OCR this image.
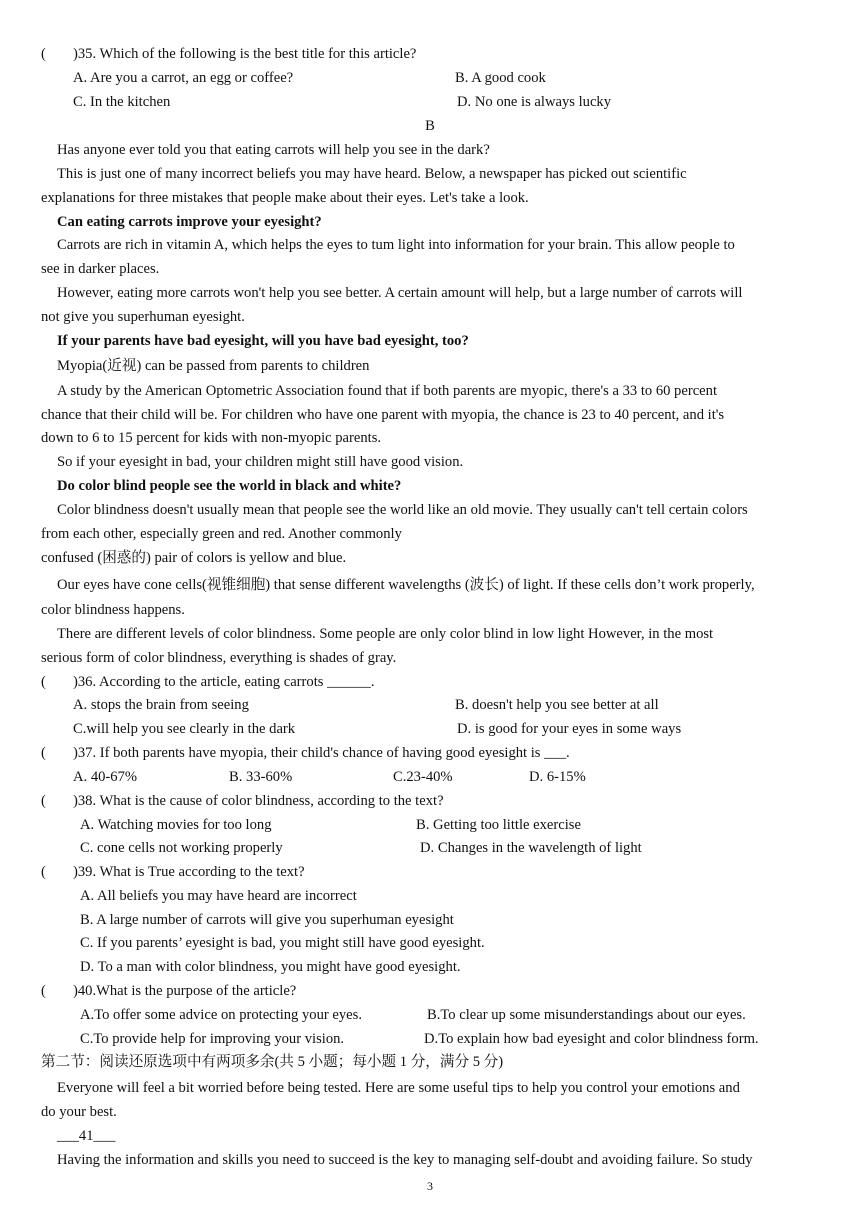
( )35. Which of the following is the best title for this article?
A. Are you a carrot, an egg or coffee?	B. A good cook
C. In the kitchen	D. No one is always lucky
B
Has anyone ever told you that eating carrots will help you see in the dark?
This is just one of many incorrect beliefs you may have heard. Below, a newspaper has picked out scientific
explanations for three mistakes that people make about their eyes. Let's take a look.
Can eating carrots improve your eyesight?
Carrots are rich in vitamin A, which helps the eyes to tum light into information for your brain. This allow people to
see in darker places.
However, eating more carrots won't help you see better. A certain amount will help, but a large number of carrots will
not give you superhuman eyesight.
If your parents have bad eyesight, will you have bad eyesight, too?
Myopia(近视) can be passed from parents to children
A study by the American Optometric Association found that if both parents are myopic, there's a 33 to 60 percent
chance that their child will be. For children who have one parent with myopia, the chance is 23 to 40 percent, and it's
down to 6 to 15 percent for kids with non-myopic parents.
So if your eyesight in bad, your children might still have good vision.
Do color blind people see the world in black and white?
Color blindness doesn't usually mean that people see the world like an old movie. They usually can't tell certain colors
from each other, especially green and red. Another commonly
confused (困惑的) pair of colors is yellow and blue.
Our eyes have cone cells(视锥细胞) that sense different wavelengths (波长) of light. If these cells don’t work properly,
color blindness happens.
There are different levels of color blindness. Some people are only color blind in low light However, in the most
serious form of color blindness, everything is shades of gray.
( )36. According to the article, eating carrots ______.
A. stops the brain from seeing	B. doesn't help you see better at all
C.will help you see clearly in the dark	D. is good for your eyes in some ways
( )37. If both parents have myopia, their child's chance of having good eyesight is ___.
A. 40-67%	B. 33-60%	C.23-40%	D. 6-15%
( )38. What is the cause of color blindness, according to the text?
A. Watching movies for too long	B. Getting too little exercise
C. cone cells not working properly	D. Changes in the wavelength of light
( )39. What is True according to the text?
A. All beliefs you may have heard are incorrect
B. A large number of carrots will give you superhuman eyesight
C. If you parents’ eyesight is bad, you might still have good eyesight.
D. To a man with color blindness, you might have good eyesight.
( )40.What is the purpose of the article?
A.To offer some advice on protecting your eyes.	B.To clear up some misunderstandings about our eyes.
C.To provide help for improving your vision.	D.To explain how bad eyesight and color blindness form.
第二节：阅读还原选项中有两项多余(共 5 小题；每小题 1 分，满分 5 分)
Everyone will feel a bit worried before being tested. Here are some useful tips to help you control your emotions and
do your best.
___41___
Having the information and skills you need to succeed is the key to managing self-doubt and avoiding failure. So study
3
